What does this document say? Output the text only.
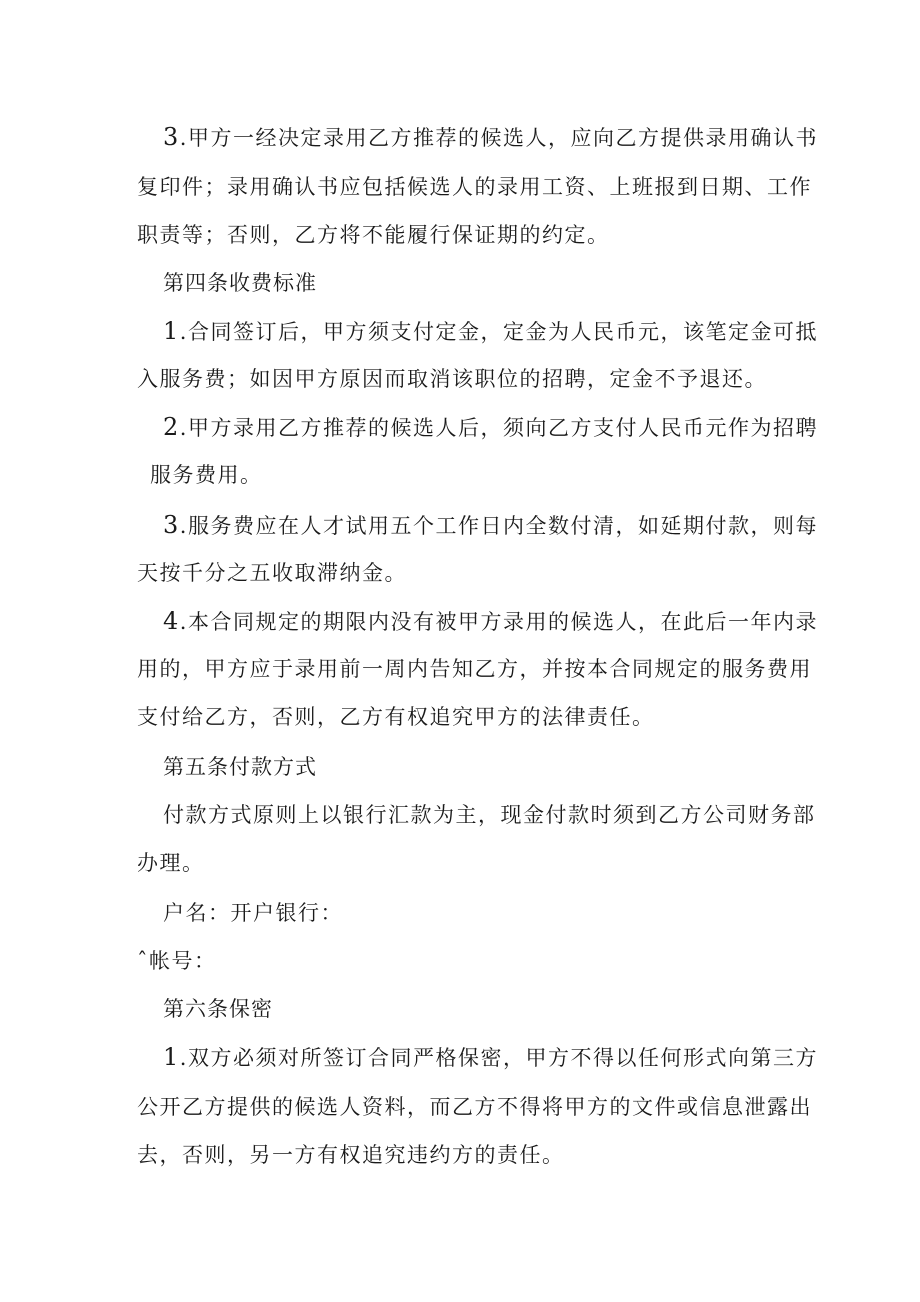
3.甲方一经决定录用乙方推荐的候选人，应向乙方提供录用确认书
复印件；录用确认书应包括候选人的录用工资、上班报到日期、工作
职责等；否则，乙方将不能履行保证期的约定。
第四条收费标准
1.合同签订后，甲方须支付定金，定金为人民币元，该笔定金可抵
入服务费；如因甲方原因而取消该职位的招聘，定金不予退还。
2.甲方录用乙方推荐的候选人后，须向乙方支付人民币元作为招聘
服务费用。
3.服务费应在人才试用五个工作日内全数付清，如延期付款，则每
天按千分之五收取滞纳金。
4.本合同规定的期限内没有被甲方录用的候选人，在此后一年内录
用的，甲方应于录用前一周内告知乙方，并按本合同规定的服务费用
支付给乙方，否则，乙方有权追究甲方的法律责任。
第五条付款方式
付款方式原则上以银行汇款为主，现金付款时须到乙方公司财务部
办理。
户名：开户银行：
ˆ帐号：
第六条保密
1.双方必须对所签订合同严格保密，甲方不得以任何形式向第三方
公开乙方提供的候选人资料，而乙方不得将甲方的文件或信息泄露出
去，否则，另一方有权追究违约方的责任。
